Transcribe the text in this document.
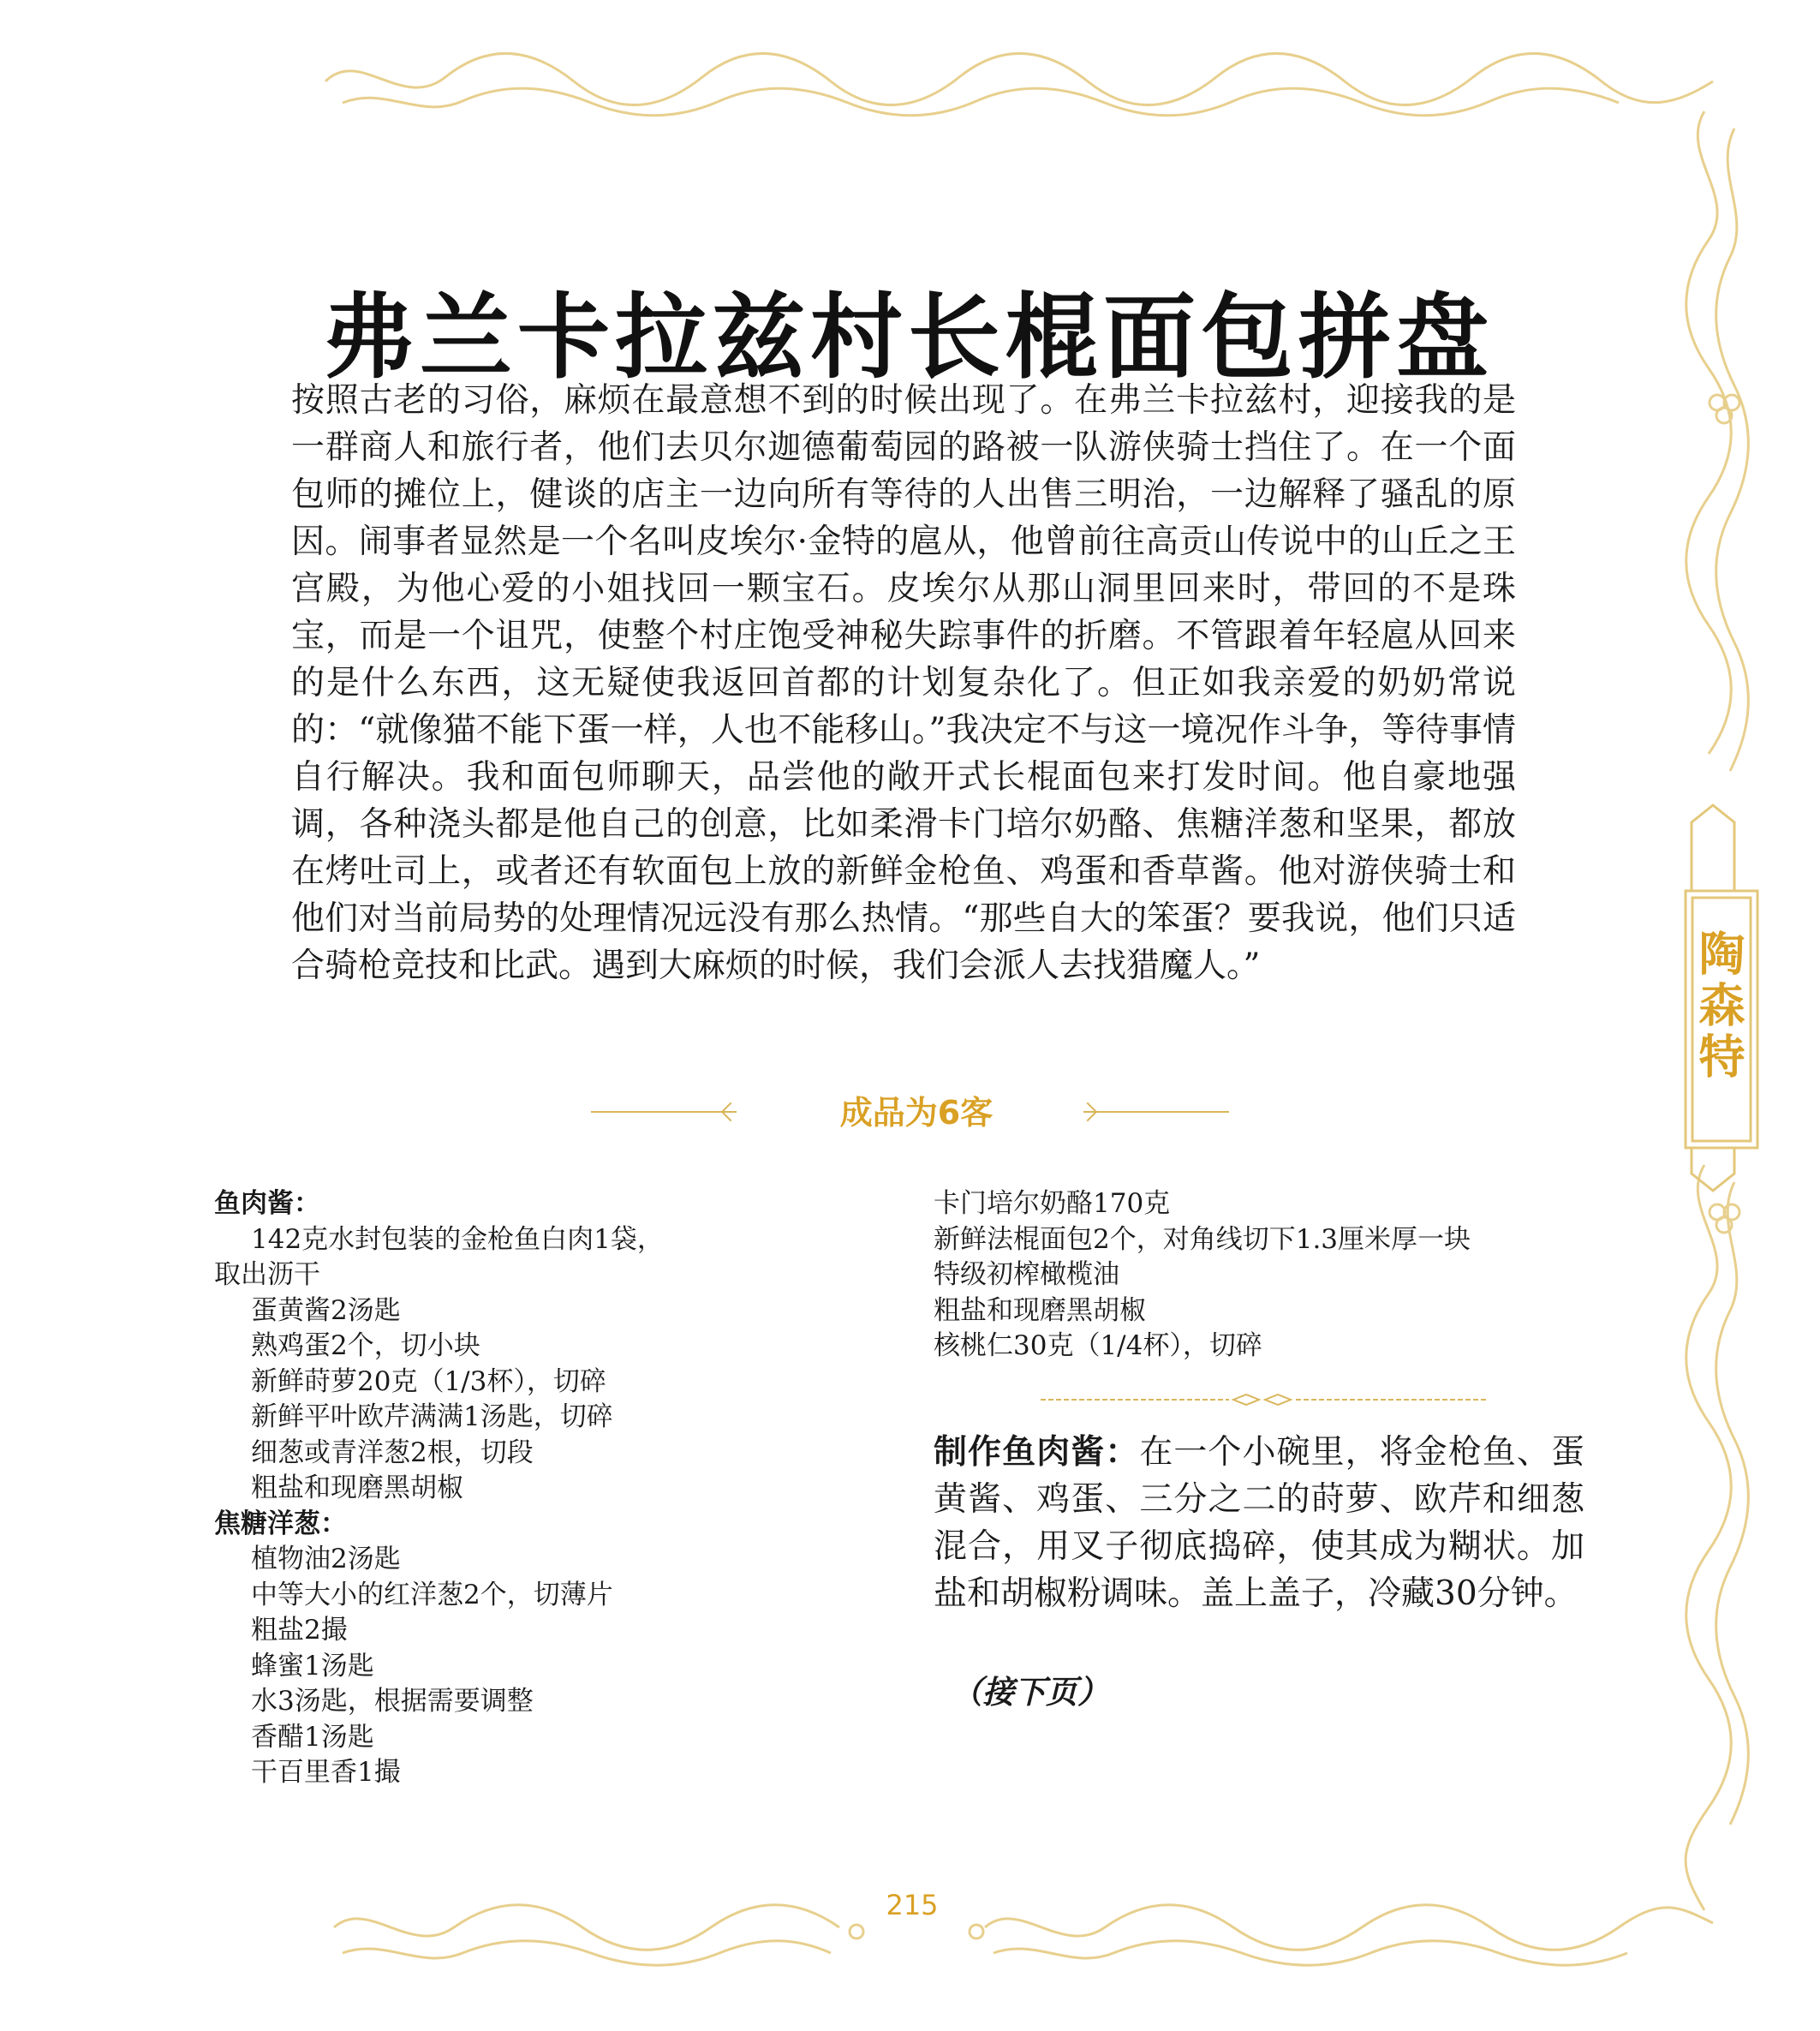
弗兰卡拉兹村长棍面包拼盘

按照古老的习俗，麻烦在最意想不到的时候出现了。在弗兰卡拉兹村，迎接我的是一群商人和旅行者，他们去贝尔迦德葡萄园的路被一队游侠骑士挡住了。在一个面包师的摊位上，健谈的店主一边向所有等待的人出售三明治，一边解释了骚乱的原因。闹事者显然是一个名叫皮埃尔·金特的扈从，他曾前往高贡山传说中的山丘之王宫殿，为他心爱的小姐找回一颗宝石。皮埃尔从那山洞里回来时，带回的不是珠宝，而是一个诅咒，使整个村庄饱受神秘失踪事件的折磨。不管跟着年轻扈从回来的是什么东西，这无疑使我返回首都的计划复杂化了。但正如我亲爱的奶奶常说的：“就像猫不能下蛋一样，人也不能移山。”我决定不与这一境况作斗争，等待事情自行解决。我和面包师聊天，品尝他的敞开式长棍面包来打发时间。他自豪地强调，各种浇头都是他自己的创意，比如柔滑卡门培尔奶酪、焦糖洋葱和坚果，都放在烤吐司上，或者还有软面包上放的新鲜金枪鱼、鸡蛋和香草酱。他对游侠骑士和他们对当前局势的处理情况远没有那么热情。“那些自大的笨蛋？要我说，他们只适合骑枪竞技和比武。遇到大麻烦的时候，我们会派人去找猎魔人。”	陶森特
成品为6客
鱼肉酱：
142克水封包装的金枪鱼白肉1袋，
取出沥干
蛋黄酱2汤匙
熟鸡蛋2个，切小块
新鲜莳萝20克（1/3杯），切碎
新鲜平叶欧芹满满1汤匙，切碎
细葱或青洋葱2根，切段
粗盐和现磨黑胡椒
焦糖洋葱：
植物油2汤匙
中等大小的红洋葱2个，切薄片
粗盐2撮
蜂蜜1汤匙
水3汤匙，根据需要调整
香醋1汤匙
干百里香1撮
卡门培尔奶酪170克
新鲜法棍面包2个，对角线切下1.3厘米厚一块
特级初榨橄榄油
粗盐和现磨黑胡椒
核桃仁30克（1/4杯），切碎

制作鱼肉酱：在一个小碗里，将金枪鱼、蛋黄酱、鸡蛋、三分之二的莳萝、欧芹和细葱混合，用叉子彻底捣碎，使其成为糊状。加盐和胡椒粉调味。盖上盖子，冷藏30分钟。

（接下页）
215
